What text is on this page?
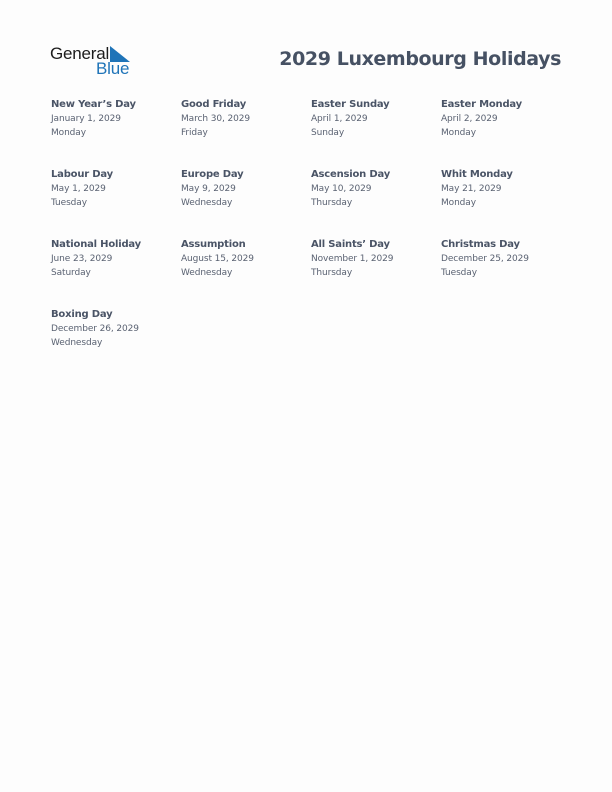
General
Blue	2029 Luxembourg Holidays
New Year’s Day
January 1, 2029
Monday
Good Friday
March 30, 2029
Friday
Easter Sunday
April 1, 2029
Sunday
Easter Monday
April 2, 2029
Monday
Labour Day
May 1, 2029
Tuesday
Europe Day
May 9, 2029
Wednesday
Ascension Day
May 10, 2029
Thursday
Whit Monday
May 21, 2029
Monday
National Holiday
June 23, 2029
Saturday
Assumption
August 15, 2029
Wednesday
All Saints’ Day
November 1, 2029
Thursday
Christmas Day
December 25, 2029
Tuesday
Boxing Day
December 26, 2029
Wednesday
